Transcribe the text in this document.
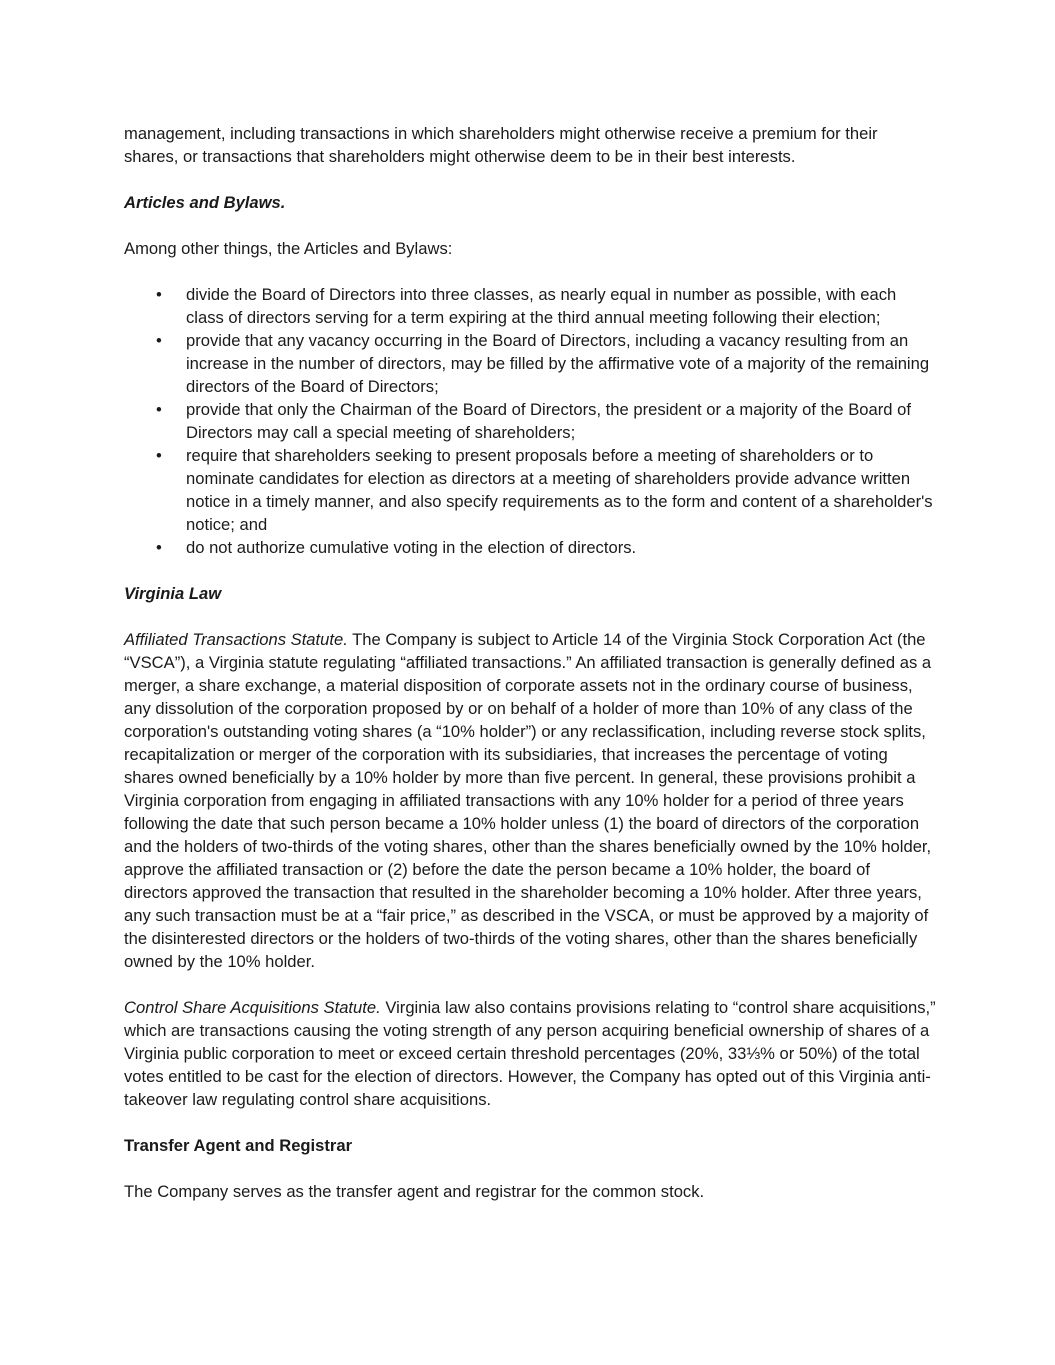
management, including transactions in which shareholders might otherwise receive a premium for their shares, or transactions that shareholders might otherwise deem to be in their best interests.

Articles and Bylaws.

Among other things, the Articles and Bylaws:

• divide the Board of Directors into three classes, as nearly equal in number as possible, with each class of directors serving for a term expiring at the third annual meeting following their election;
• provide that any vacancy occurring in the Board of Directors, including a vacancy resulting from an increase in the number of directors, may be filled by the affirmative vote of a majority of the remaining directors of the Board of Directors;
• provide that only the Chairman of the Board of Directors, the president or a majority of the Board of Directors may call a special meeting of shareholders;
• require that shareholders seeking to present proposals before a meeting of shareholders or to nominate candidates for election as directors at a meeting of shareholders provide advance written notice in a timely manner, and also specify requirements as to the form and content of a shareholder's notice; and
• do not authorize cumulative voting in the election of directors.

Virginia Law

Affiliated Transactions Statute. The Company is subject to Article 14 of the Virginia Stock Corporation Act (the “VSCA”), a Virginia statute regulating “affiliated transactions.” An affiliated transaction is generally defined as a merger, a share exchange, a material disposition of corporate assets not in the ordinary course of business, any dissolution of the corporation proposed by or on behalf of a holder of more than 10% of any class of the corporation's outstanding voting shares (a “10% holder”) or any reclassification, including reverse stock splits, recapitalization or merger of the corporation with its subsidiaries, that increases the percentage of voting shares owned beneficially by a 10% holder by more than five percent. In general, these provisions prohibit a Virginia corporation from engaging in affiliated transactions with any 10% holder for a period of three years following the date that such person became a 10% holder unless (1) the board of directors of the corporation and the holders of two-thirds of the voting shares, other than the shares beneficially owned by the 10% holder, approve the affiliated transaction or (2) before the date the person became a 10% holder, the board of directors approved the transaction that resulted in the shareholder becoming a 10% holder. After three years, any such transaction must be at a “fair price,” as described in the VSCA, or must be approved by a majority of the disinterested directors or the holders of two-thirds of the voting shares, other than the shares beneficially owned by the 10% holder.

Control Share Acquisitions Statute. Virginia law also contains provisions relating to “control share acquisitions,” which are transactions causing the voting strength of any person acquiring beneficial ownership of shares of a Virginia public corporation to meet or exceed certain threshold percentages (20%, 33⅓% or 50%) of the total votes entitled to be cast for the election of directors. However, the Company has opted out of this Virginia anti-takeover law regulating control share acquisitions.

Transfer Agent and Registrar

The Company serves as the transfer agent and registrar for the common stock.
